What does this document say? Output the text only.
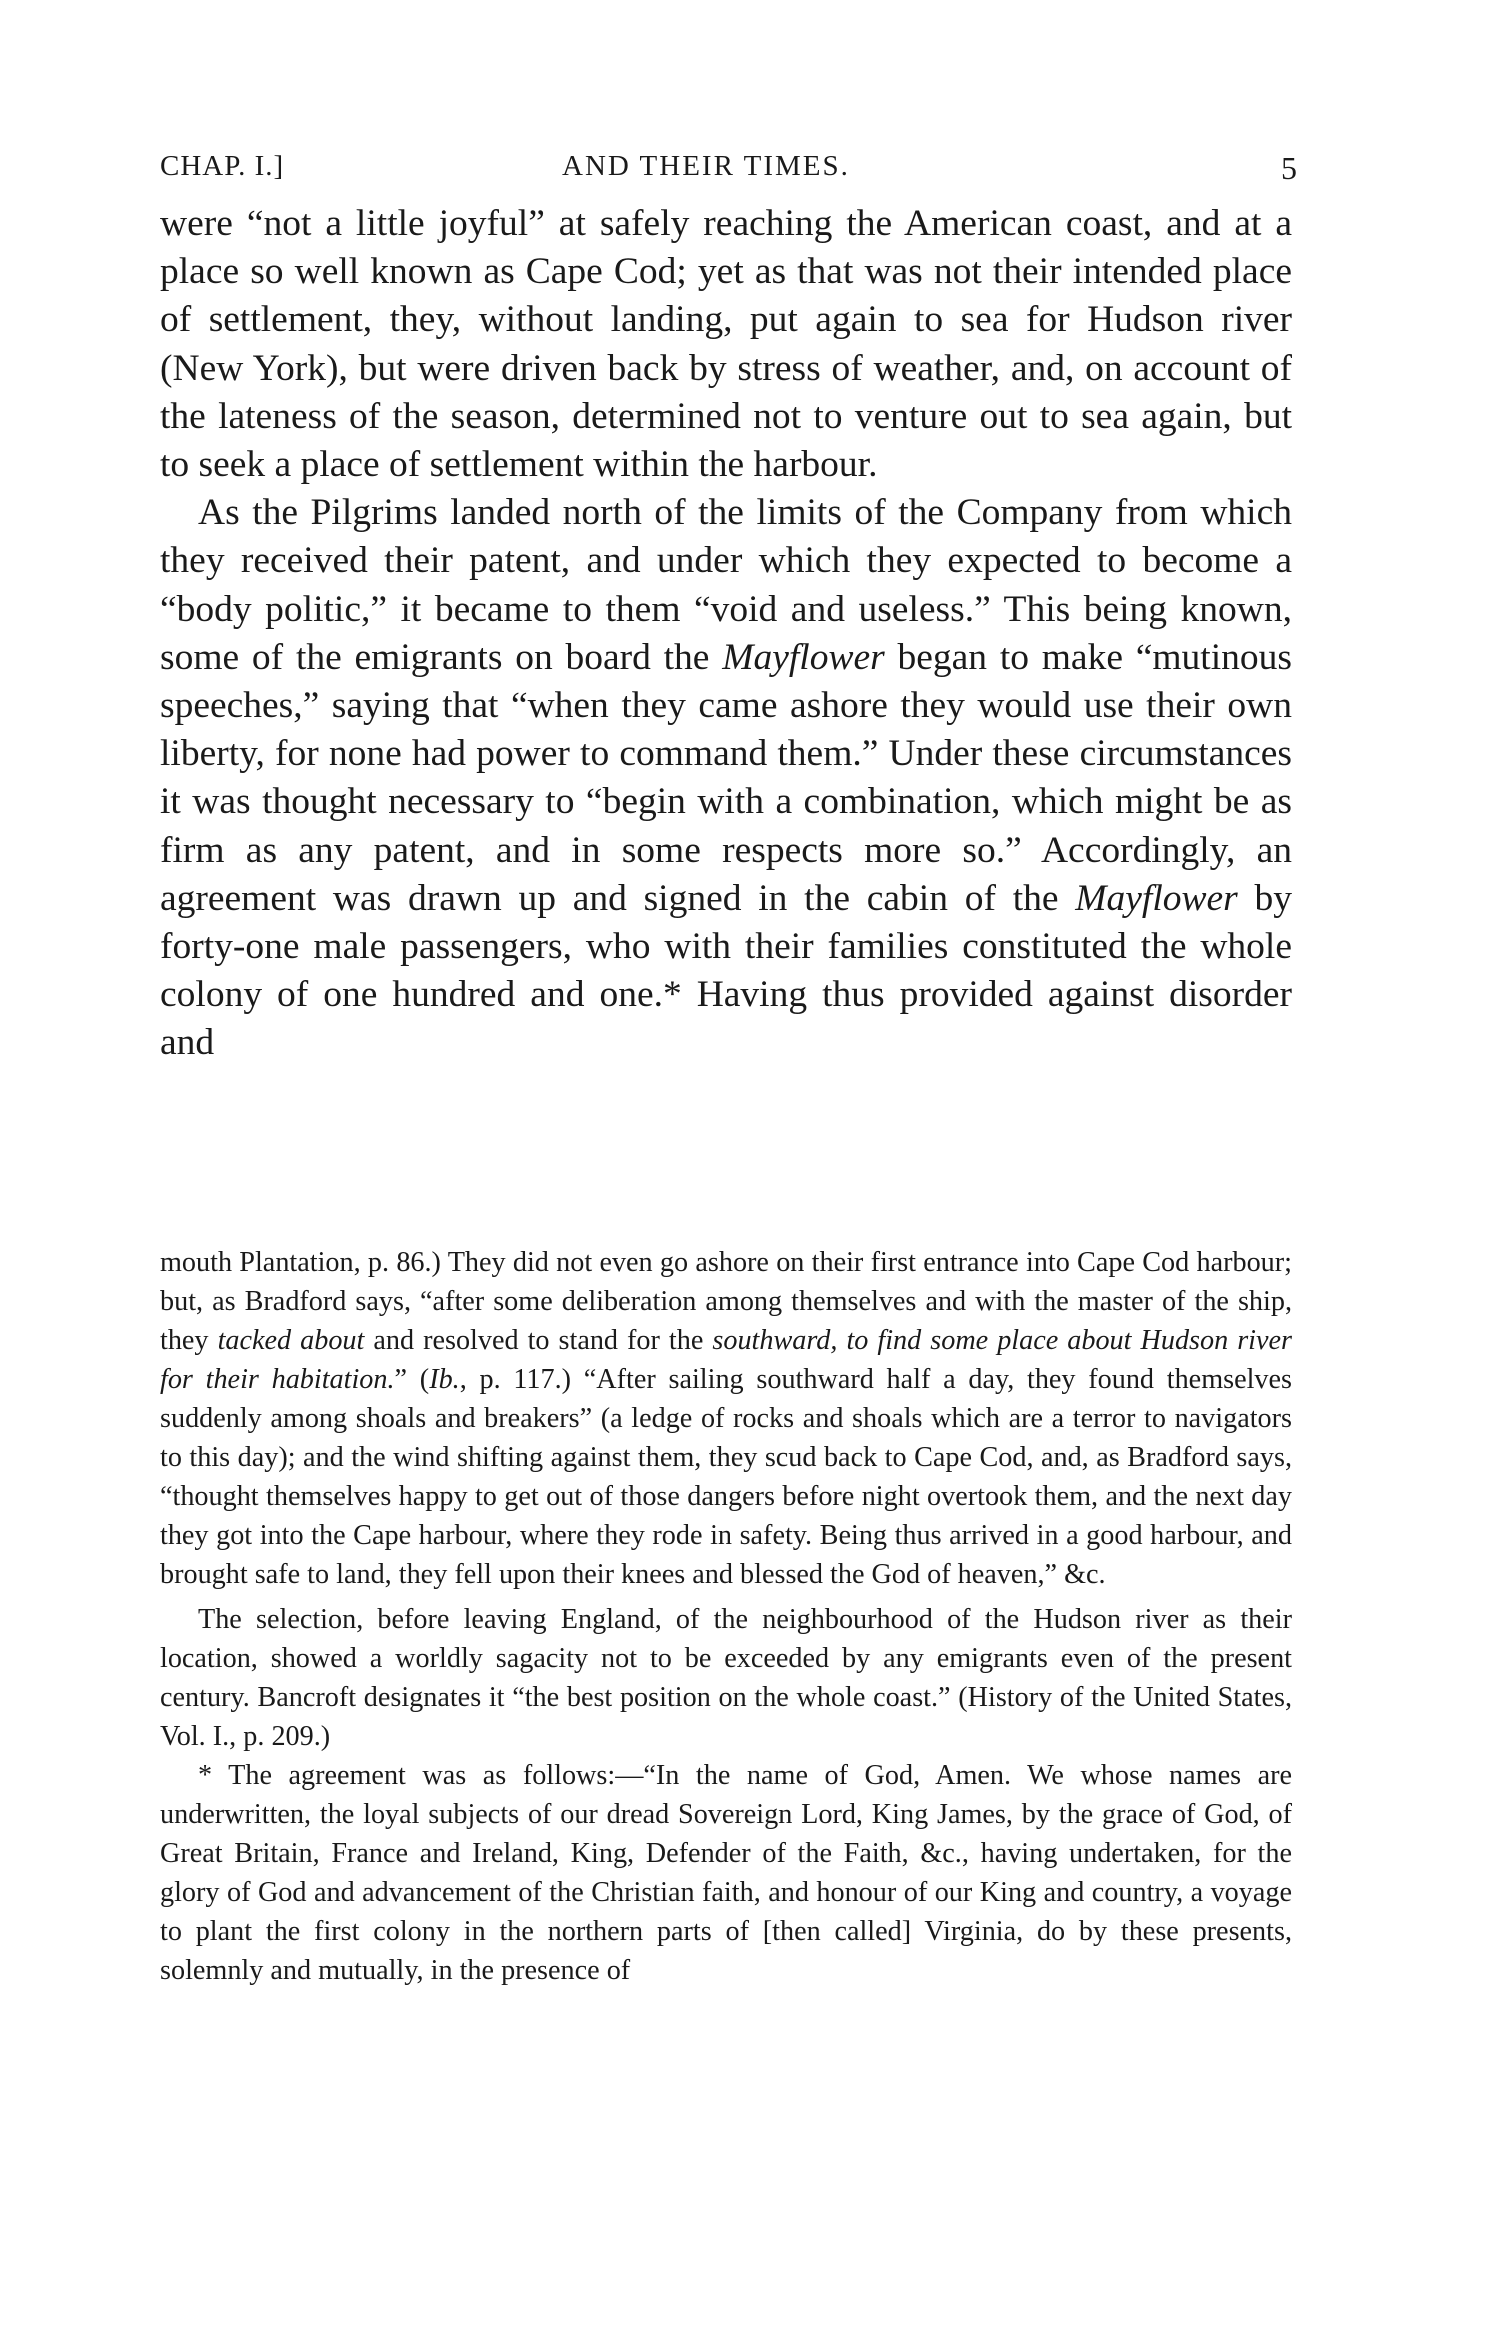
CHAP. I.]	AND THEIR TIMES.	5

were “not a little joyful” at safely reaching the American coast, and at a place so well known as Cape Cod; yet as that was not their intended place of settlement, they, without landing, put again to sea for Hudson river (New York), but were driven back by stress of weather, and, on account of the lateness of the season, determined not to venture out to sea again, but to seek a place of settlement within the harbour.

As the Pilgrims landed north of the limits of the Company from which they received their patent, and under which they expected to become a “body politic,” it became to them “void and useless.” This being known, some of the emigrants on board the Mayflower began to make “mutinous speeches,” saying that “when they came ashore they would use their own liberty, for none had power to command them.” Under these circumstances it was thought necessary to “begin with a combination, which might be as firm as any patent, and in some respects more so.” Accordingly, an agreement was drawn up and signed in the cabin of the Mayflower by forty-one male passengers, who with their families constituted the whole colony of one hundred and one.* Having thus provided against disorder and

mouth Plantation, p. 86.) They did not even go ashore on their first entrance into Cape Cod harbour; but, as Bradford says, “after some deliberation among themselves and with the master of the ship, they tacked about and resolved to stand for the southward, to find some place about Hudson river for their habitation.” (Ib., p. 117.) “After sailing southward half a day, they found themselves suddenly among shoals and breakers” (a ledge of rocks and shoals which are a terror to navigators to this day); and the wind shifting against them, they scud back to Cape Cod, and, as Bradford says, “thought themselves happy to get out of those dangers before night overtook them, and the next day they got into the Cape harbour, where they rode in safety. Being thus arrived in a good harbour, and brought safe to land, they fell upon their knees and blessed the God of heaven,” &c.

The selection, before leaving England, of the neighbourhood of the Hudson river as their location, showed a worldly sagacity not to be exceeded by any emigrants even of the present century. Bancroft designates it “the best position on the whole coast.” (History of the United States, Vol. I., p. 209.)

* The agreement was as follows:—“In the name of God, Amen. We whose names are underwritten, the loyal subjects of our dread Sovereign Lord, King James, by the grace of God, of Great Britain, France and Ireland, King, Defender of the Faith, &c., having undertaken, for the glory of God and advancement of the Christian faith, and honour of our King and country, a voyage to plant the first colony in the northern parts of [then called] Virginia, do by these presents, solemnly and mutually, in the presence of
